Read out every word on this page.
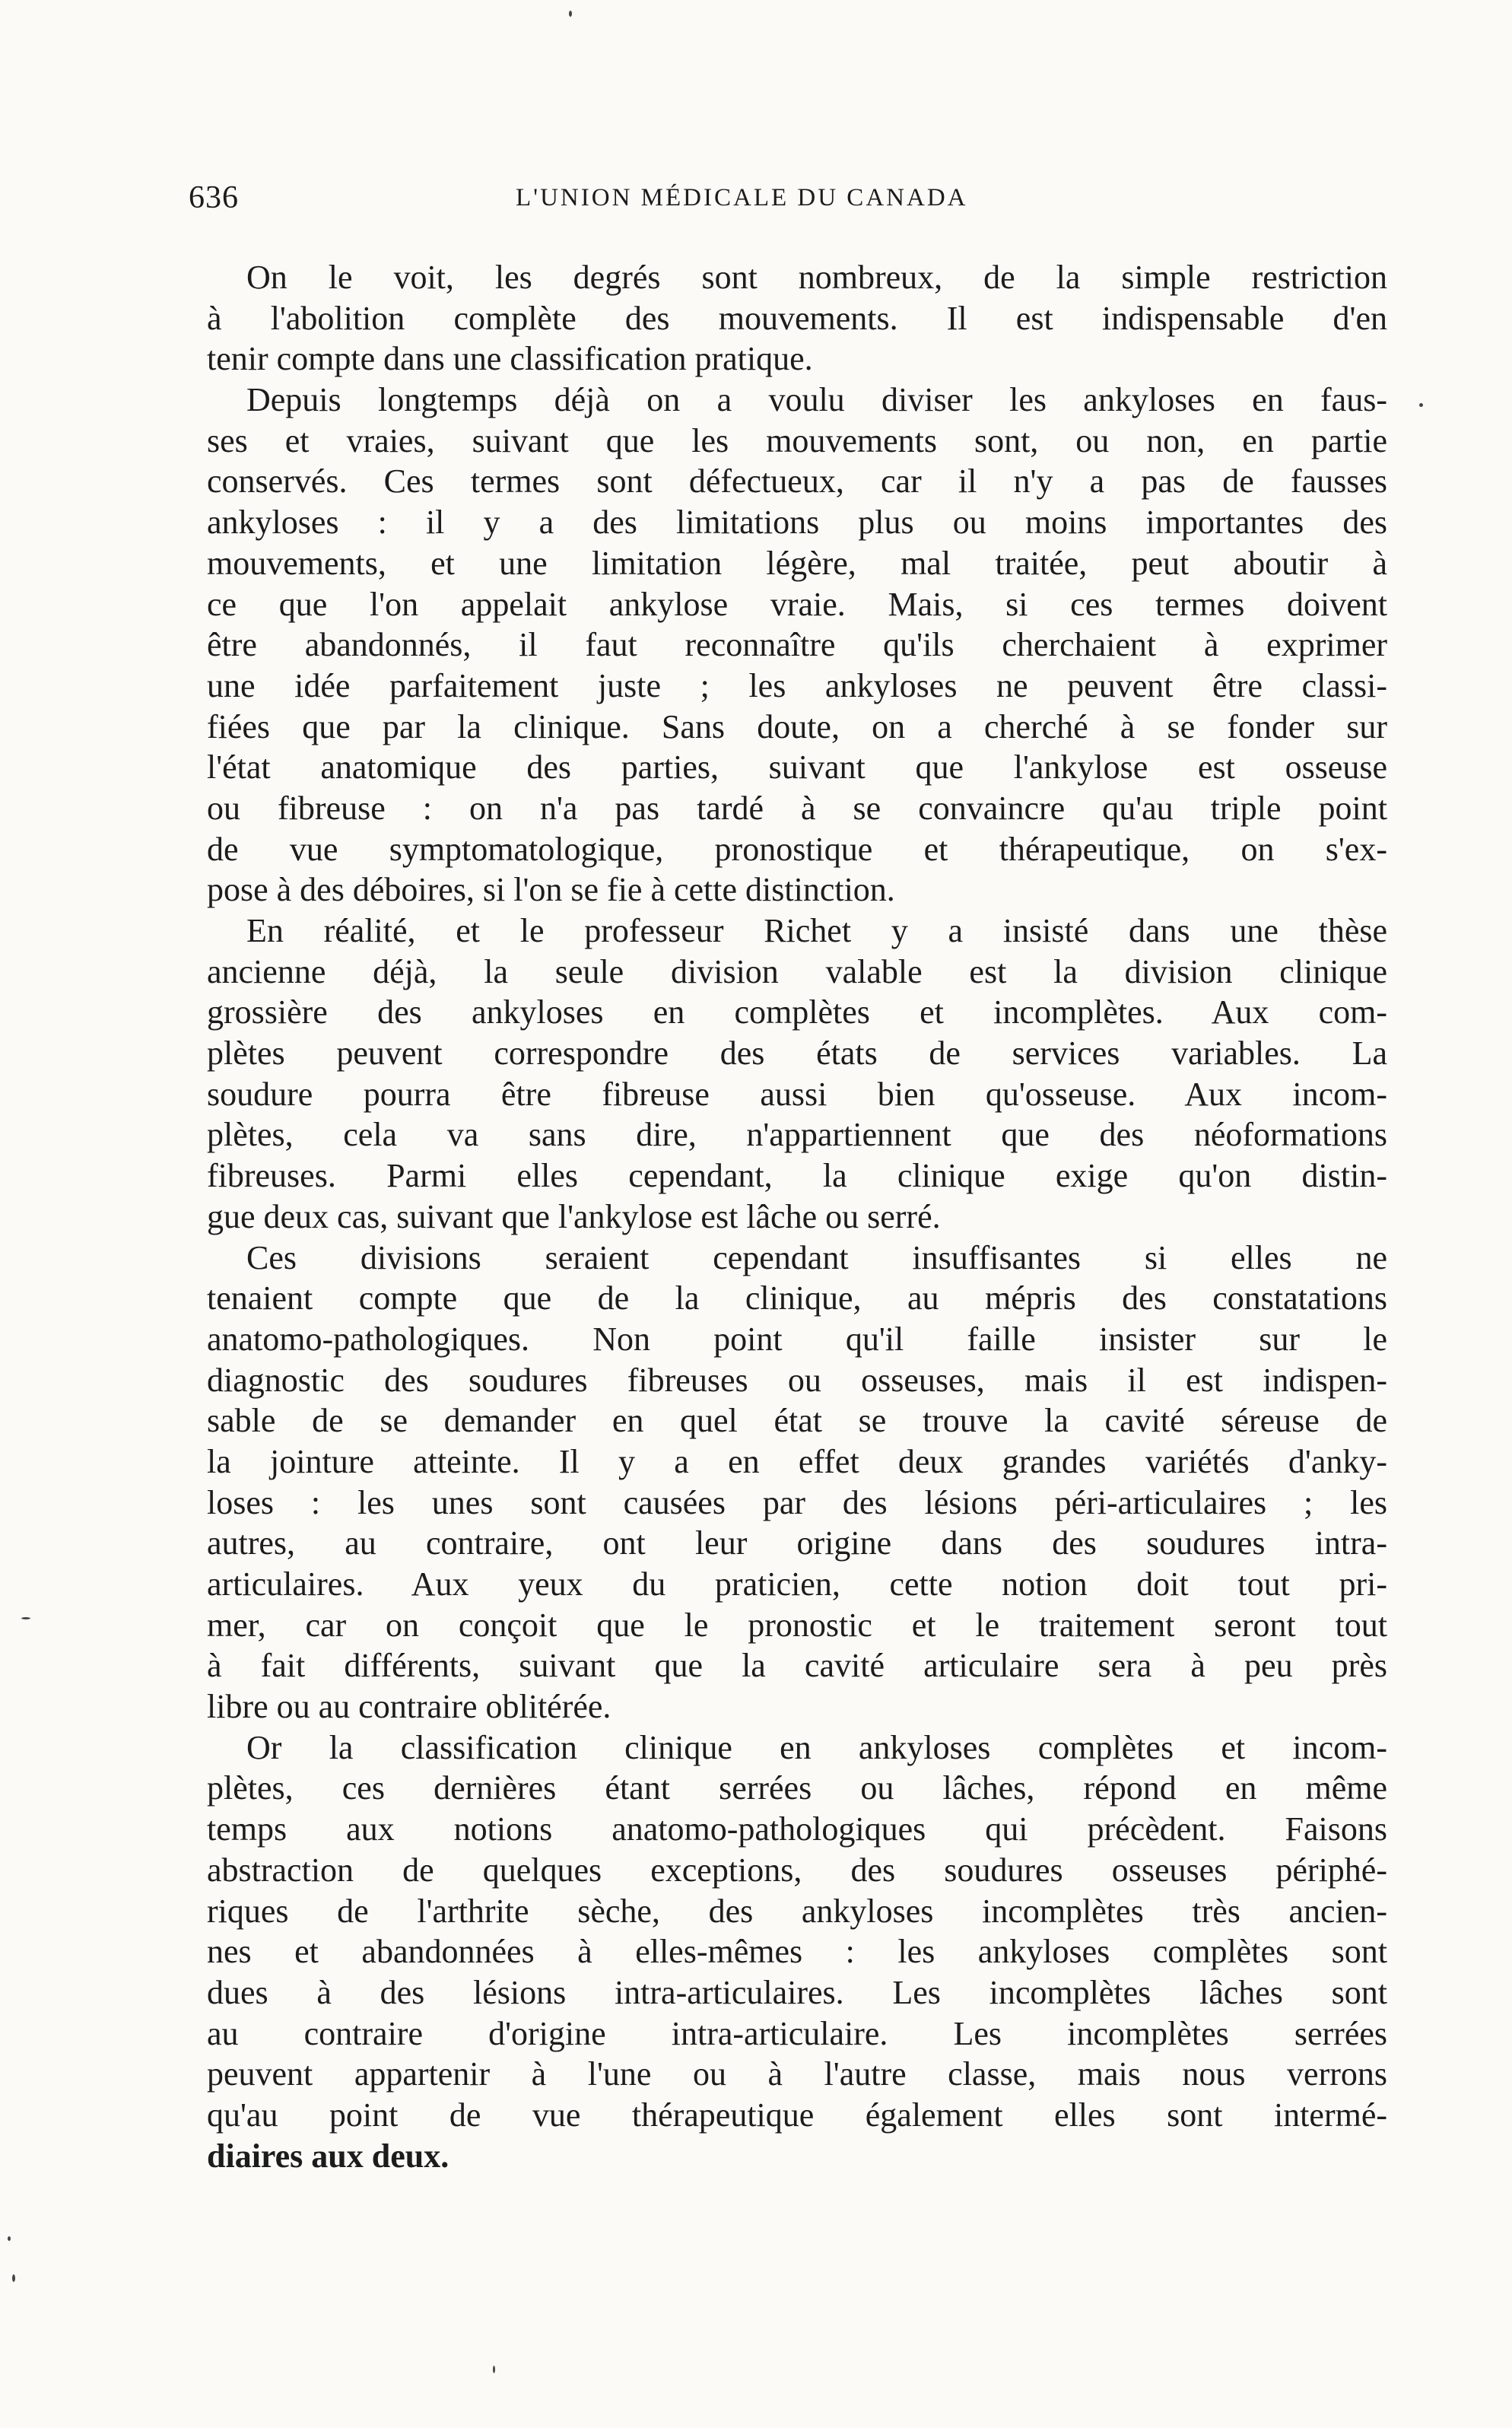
636	L'UNION MÉDICALE DU CANADA
On le voit, les degrés sont nombreux, de la simple restriction
à l'abolition complète des mouvements. Il est indispensable d'en
tenir compte dans une classification pratique.
Depuis longtemps déjà on a voulu diviser les ankyloses en faus-
ses et vraies, suivant que les mouvements sont, ou non, en partie
conservés. Ces termes sont défectueux, car il n'y a pas de fausses
ankyloses : il y a des limitations plus ou moins importantes des
mouvements, et une limitation légère, mal traitée, peut aboutir à
ce que l'on appelait ankylose vraie. Mais, si ces termes doivent
être abandonnés, il faut reconnaître qu'ils cherchaient à exprimer
une idée parfaitement juste ; les ankyloses ne peuvent être classi-
fiées que par la clinique. Sans doute, on a cherché à se fonder sur
l'état anatomique des parties, suivant que l'ankylose est osseuse
ou fibreuse : on n'a pas tardé à se convaincre qu'au triple point
de vue symptomatologique, pronostique et thérapeutique, on s'ex-
pose à des déboires, si l'on se fie à cette distinction.
En réalité, et le professeur Richet y a insisté dans une thèse
ancienne déjà, la seule division valable est la division clinique
grossière des ankyloses en complètes et incomplètes. Aux com-
plètes peuvent correspondre des états de services variables. La
soudure pourra être fibreuse aussi bien qu'osseuse. Aux incom-
plètes, cela va sans dire, n'appartiennent que des néoformations
fibreuses. Parmi elles cependant, la clinique exige qu'on distin-
gue deux cas, suivant que l'ankylose est lâche ou serré.
Ces divisions seraient cependant insuffisantes si elles ne
tenaient compte que de la clinique, au mépris des constatations
anatomo-pathologiques. Non point qu'il faille insister sur le
diagnostic des soudures fibreuses ou osseuses, mais il est indispen-
sable de se demander en quel état se trouve la cavité séreuse de
la jointure atteinte. Il y a en effet deux grandes variétés d'anky-
loses : les unes sont causées par des lésions péri-articulaires ; les
autres, au contraire, ont leur origine dans des soudures intra-
articulaires. Aux yeux du praticien, cette notion doit tout pri-
mer, car on conçoit que le pronostic et le traitement seront tout
à fait différents, suivant que la cavité articulaire sera à peu près
libre ou au contraire oblitérée.
Or la classification clinique en ankyloses complètes et incom-
plètes, ces dernières étant serrées ou lâches, répond en même
temps aux notions anatomo-pathologiques qui précèdent. Faisons
abstraction de quelques exceptions, des soudures osseuses périphé-
riques de l'arthrite sèche, des ankyloses incomplètes très ancien-
nes et abandonnées à elles-mêmes : les ankyloses complètes sont
dues à des lésions intra-articulaires. Les incomplètes lâches sont
au contraire d'origine intra-articulaire. Les incomplètes serrées
peuvent appartenir à l'une ou à l'autre classe, mais nous verrons
qu'au point de vue thérapeutique également elles sont intermé-
diaires aux deux.
